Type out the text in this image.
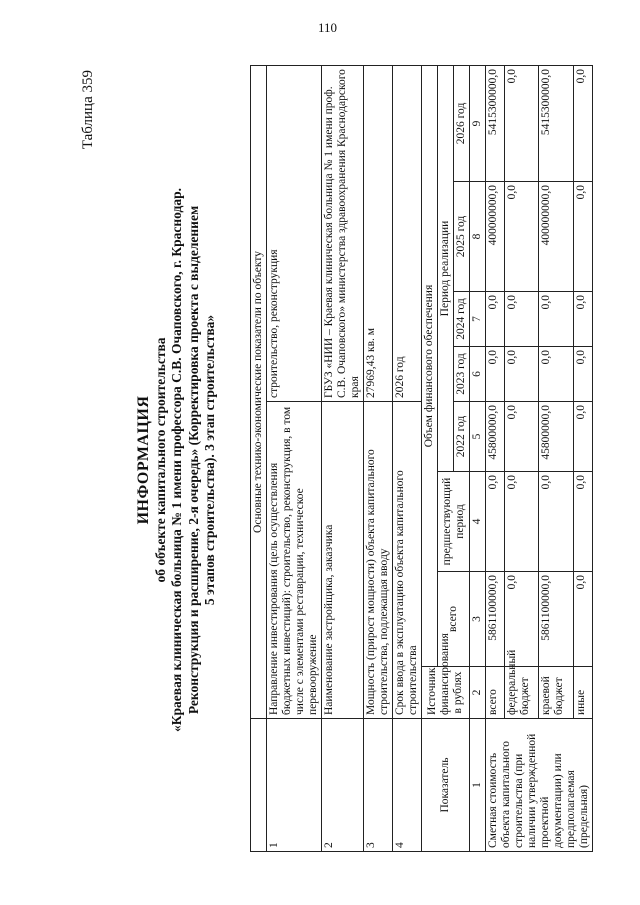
110
Таблица 359
ИНФОРМАЦИЯ об объекте капитального строительства «Краевая клиническая больница № 1 имени профессора С.В. Очаповского, г. Краснодар. Реконструкция и расширение, 2-я очередь» (Корректировка проекта с выделением 5 этапов строительства). 3 этап строительства»
		Основные технико-экономические показатели по объекту							
1	Направление инвестирования (цель осуществления бюджетных инвестиций): строительство, реконструкция, в том числе с элементами реставрации, техническое перевооружение				строительство, реконструкция			
2	Наименование застройщика, заказчика				ГБУЗ «НИИ – Краевая клиническая больница № 1 имени проф. С.В. Очаповского» министерства здравоохранения Краснодарского края			
3	Мощность (прирост мощности) объекта капитального строительства, подлежащая вводу				27969,43 кв. м			
4	Срок ввода в эксплуатацию объекта капитального строительства				2026 год			
Показатель	Источник финансирования в рублях	Объем финансового обеспечения						
		всего	предшествующий период	Период реализации				
				2022 год	2023 год	2024 год	2025 год	2026 год
1	2	3	4	5	6	7	8	9
Сметная стоимость объекта капитального строительства (при наличии утвержденной проектной документации) или предполагаемая (предельная)	всего	5861100000,0	0,0	45800000,0	0,0	0,0	400000000,0	5415300000,0
	федеральный бюджет	0,0	0,0	0,0	0,0	0,0	0,0	0,0
	краевой бюджет	5861100000,0	0,0	45800000,0	0,0	0,0	400000000,0	5415300000,0
	иные	0,0	0,0	0,0	0,0	0,0	0,0	0,0
